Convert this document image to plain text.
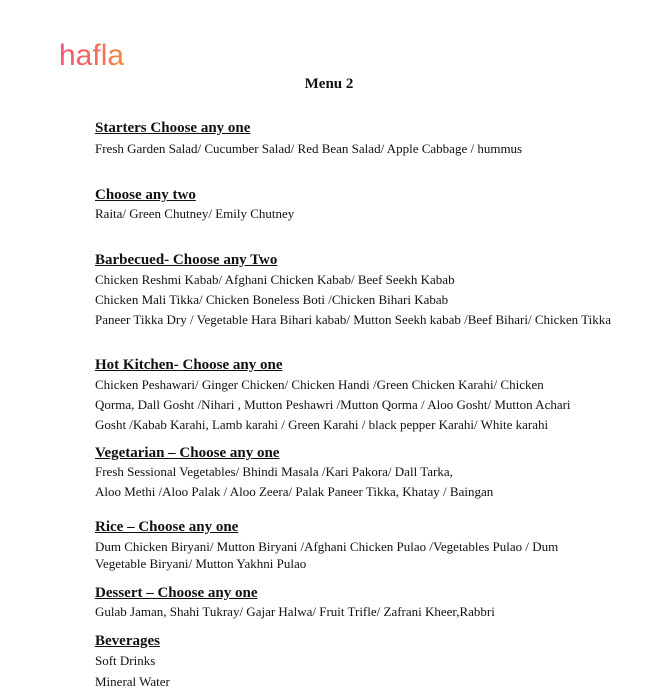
hafla
Menu 2
Starters Choose any one
Fresh Garden Salad/ Cucumber Salad/ Red Bean Salad/ Apple Cabbage / hummus
Choose any two
Raita/ Green Chutney/ Emily Chutney
Barbecued- Choose any Two
Chicken Reshmi Kabab/ Afghani Chicken Kabab/ Beef Seekh Kabab
Chicken Mali Tikka/ Chicken Boneless Boti /Chicken Bihari Kabab
Paneer Tikka Dry / Vegetable Hara Bihari kabab/ Mutton Seekh kabab /Beef Bihari/ Chicken Tikka
Hot Kitchen- Choose any one
Chicken Peshawari/ Ginger Chicken/ Chicken Handi /Green Chicken Karahi/ Chicken
Qorma, Dall Gosht /Nihari , Mutton Peshawri /Mutton Qorma / Aloo Gosht/ Mutton Achari
Gosht /Kabab Karahi, Lamb karahi / Green Karahi / black pepper Karahi/ White karahi
Vegetarian – Choose any one
Fresh Sessional Vegetables/ Bhindi Masala /Kari Pakora/ Dall Tarka,
Aloo Methi /Aloo Palak / Aloo Zeera/ Palak Paneer Tikka, Khatay / Baingan
Rice – Choose any one
Dum Chicken Biryani/ Mutton Biryani /Afghani Chicken Pulao /Vegetables Pulao / Dum
Vegetable Biryani/ Mutton Yakhni Pulao
Dessert – Choose any one
Gulab Jaman, Shahi Tukray/ Gajar Halwa/ Fruit Trifle/ Zafrani Kheer,Rabbri
Beverages
Soft Drinks
Mineral Water
